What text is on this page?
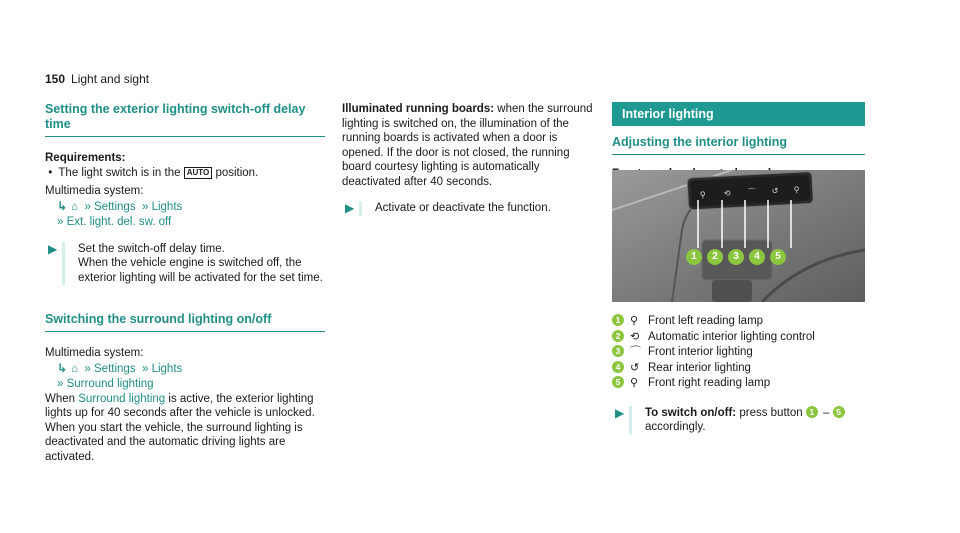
150 Light and sight
Setting the exterior lighting switch-off delay time

Requirements:

•  The light switch is in the AUTO position.

Multimedia system:

↳ ⌂ » Settings » Lights

» Ext. light. del. sw. off

▶ Set the switch-off delay time.

When the vehicle engine is switched off, the exterior lighting will be activated for the set time.

Switching the surround lighting on/off

Multimedia system:

↳ ⌂ » Settings » Lights

» Surround lighting

When Surround lighting is active, the exterior lighting lights up for 40 seconds after the vehicle is unlocked. When you start the vehicle, the surround lighting is deactivated and the automatic driving lights are activated.

Illuminated running boards: when the surround lighting is switched on, the illumination of the running boards is activated when a door is opened. If the door is not closed, the running board courtesy lighting is automatically deactivated after 40 seconds.

▶ Activate or deactivate the function.

Interior lighting
Adjusting the interior lighting

⚲ ⟲ ⌒ ↺ ⚲
1 2 3 4 5
1 ⚲ Front left reading lamp
2 ⟲ Automatic interior lighting control
3 ⌒ Front interior lighting
4 ↺ Rear interior lighting
5 ⚲ Front right reading lamp
▶ To switch on/off: press button 1 – 5

accordingly.
